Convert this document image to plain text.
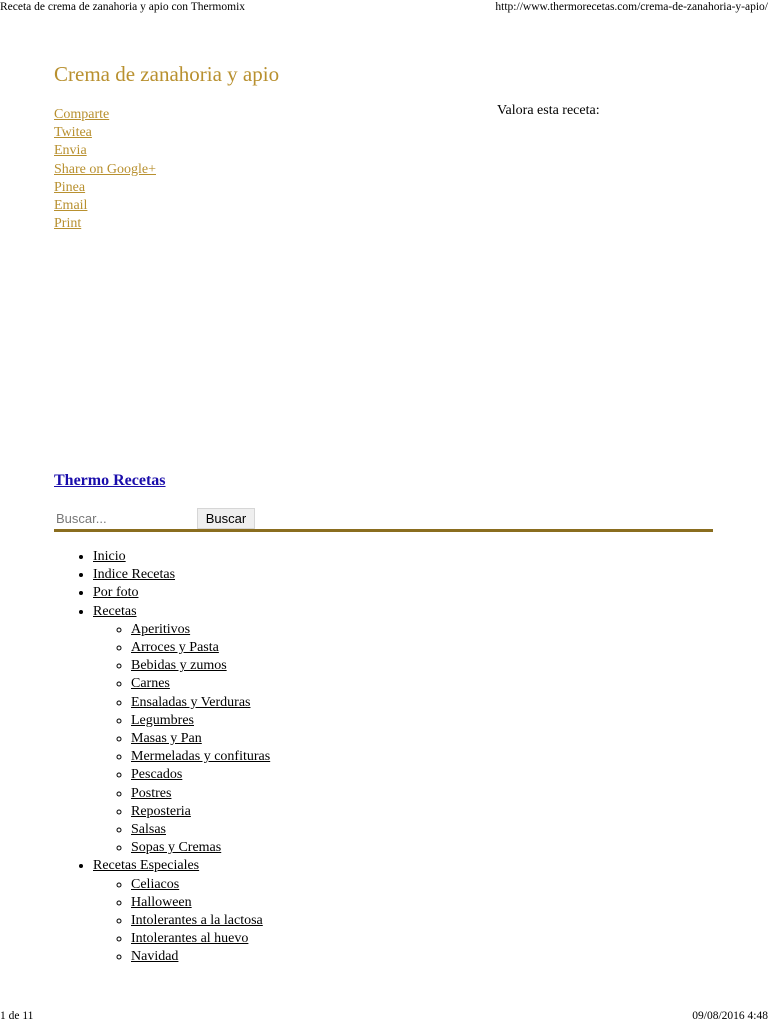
Receta de crema de zanahoria y apio con Thermomix	http://www.thermorecetas.com/crema-de-zanahoria-y-apio/
Crema de zanahoria y apio
Comparte
Twitea
Envia
Share on Google+
Pinea
Email
Print
Valora esta receta:
Thermo Recetas
Buscar...
Buscar
• Inicio
• Indice Recetas
• Por foto
• Recetas
◦ Aperitivos
◦ Arroces y Pasta
◦ Bebidas y zumos
◦ Carnes
◦ Ensaladas y Verduras
◦ Legumbres
◦ Masas y Pan
◦ Mermeladas y confituras
◦ Pescados
◦ Postres
◦ Reposteria
◦ Salsas
◦ Sopas y Cremas
• Recetas Especiales
◦ Celiacos
◦ Halloween
◦ Intolerantes a la lactosa
◦ Intolerantes al huevo
◦ Navidad
1 de 11	09/08/2016 4:48
